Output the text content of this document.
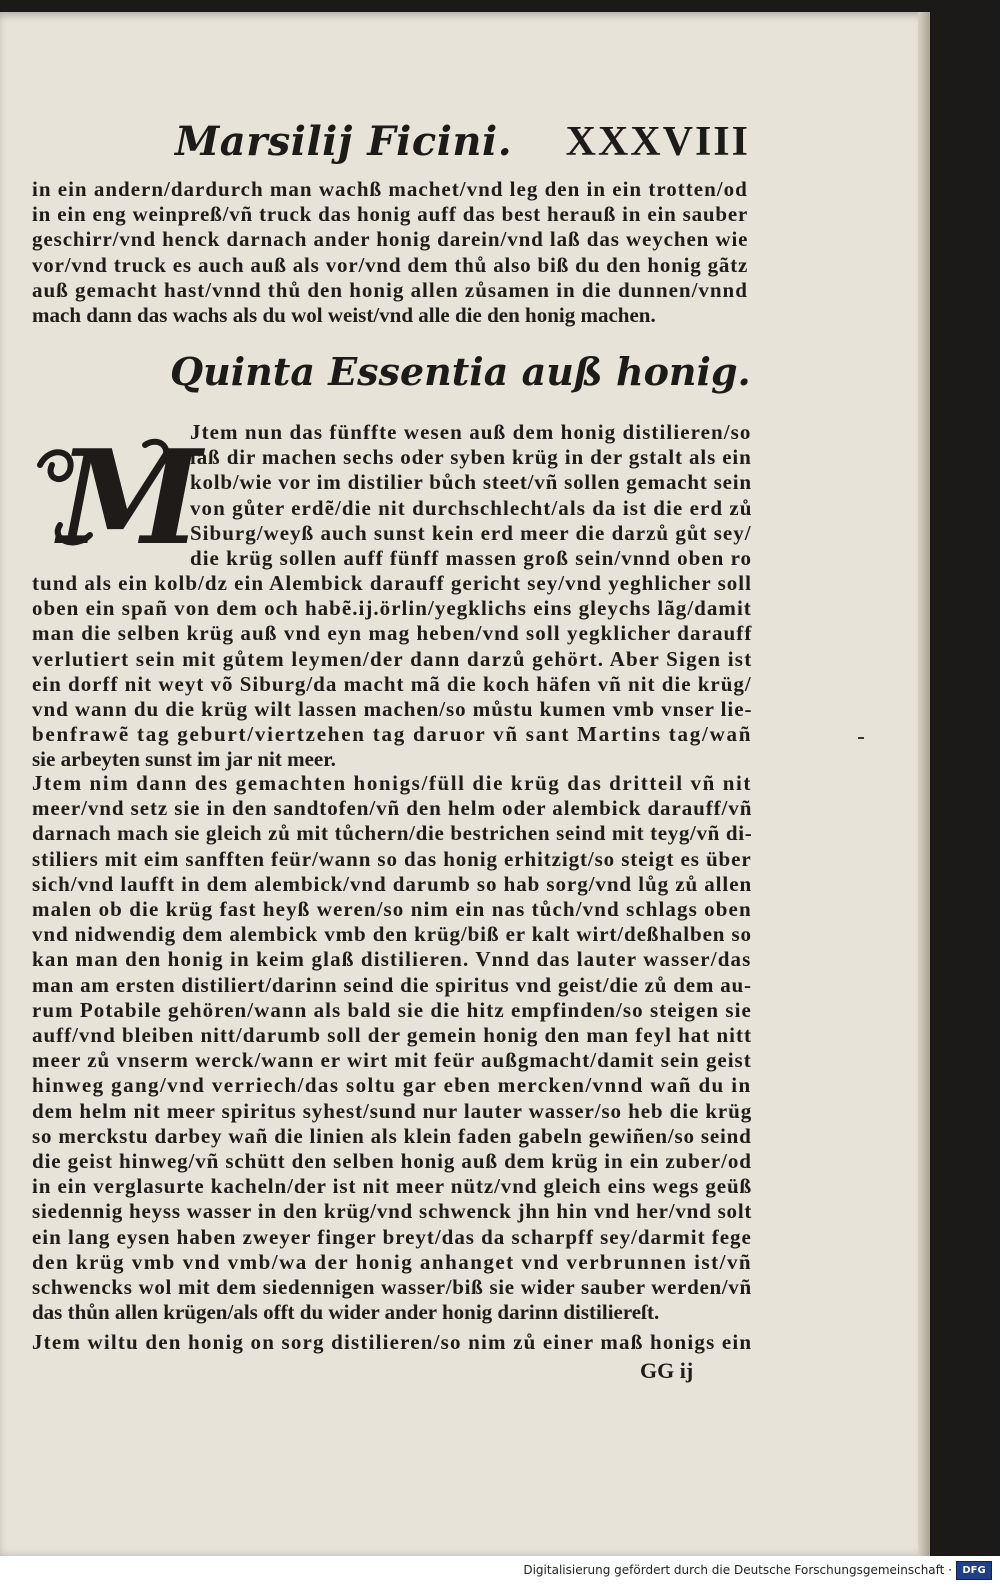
Marsilij Ficini. XXXVIII
in ein andern/dardurch man wachß machet/vnd leg den in ein trotten/od
in ein eng weinpreß/vñ truck das honig auff das best herauß in ein sauber
geschirr/vnd henck darnach ander honig darein/vnd laß das weychen wie
vor/vnd truck es auch auß als vor/vnd dem thů also biß du den honig gãtz
auß gemacht hast/vnnd thů den honig allen zůsamen in die dunnen/vnnd
mach dann das wachs als du wol weist/vnd alle die den honig machen.
Quinta Essentia auß honig.
M
Jtem nun das fünffte wesen auß dem honig distilieren/so
laß dir machen sechs oder syben krüg in der gstalt als ein
kolb/wie vor im distilier bůch steet/vñ sollen gemacht sein
von gůter erdẽ/die nit durchschlecht/als da ist die erd zů
Siburg/weyß auch sunst kein erd meer die darzů gůt sey/
die krüg sollen auff fünff massen groß sein/vnnd oben ro
tund als ein kolb/dz ein Alembick darauff gericht sey/vnd yeghlicher soll
oben ein spañ von dem och habẽ.ij.örlin/yegklichs eins gleychs lãg/damit
man die selben krüg auß vnd eyn mag heben/vnd soll yegklicher darauff
verlutiert sein mit gůtem leymen/der dann darzů gehört. Aber Sigen ist
ein dorff nit weyt võ Siburg/da macht mã die koch häfen vñ nit die krüg/
vnd wann du die krüg wilt lassen machen/so můstu kumen vmb vnser lie-
benfrawẽ tag geburt/viertzehen tag daruor vñ sant Martins tag/wañ
sie arbeyten sunst im jar nit meer.
Jtem nim dann des gemachten honigs/füll die krüg das dritteil vñ nit
meer/vnd setz sie in den sandtofen/vñ den helm oder alembick darauff/vñ
darnach mach sie gleich zů mit tůchern/die bestrichen seind mit teyg/vñ di-
stiliers mit eim sanfften feür/wann so das honig erhitzigt/so steigt es über
sich/vnd laufft in dem alembick/vnd darumb so hab sorg/vnd lůg zů allen
malen ob die krüg fast heyß weren/so nim ein nas tůch/vnd schlags oben
vnd nidwendig dem alembick vmb den krüg/biß er kalt wirt/deßhalben so
kan man den honig in keim glaß distilieren. Vnnd das lauter wasser/das
man am ersten distiliert/darinn seind die spiritus vnd geist/die zů dem au-
rum Potabile gehören/wann als bald sie die hitz empfinden/so steigen sie
auff/vnd bleiben nitt/darumb soll der gemein honig den man feyl hat nitt
meer zů vnserm werck/wann er wirt mit feür außgmacht/damit sein geist
hinweg gang/vnd verriech/das soltu gar eben mercken/vnnd wañ du in
dem helm nit meer spiritus syhest/sund nur lauter wasser/so heb die krüg
so merckstu darbey wañ die linien als klein faden gabeln gewiñen/so seind
die geist hinweg/vñ schütt den selben honig auß dem krüg in ein zuber/od
in ein verglasurte kacheln/der ist nit meer nütz/vnd gleich eins wegs geüß
siedennig heyss wasser in den krüg/vnd schwenck jhn hin vnd her/vnd solt
ein lang eysen haben zweyer finger breyt/das da scharpff sey/darmit fege
den krüg vmb vnd vmb/wa der honig anhanget vnd verbrunnen ist/vñ
schwencks wol mit dem siedennigen wasser/biß sie wider sauber werden/vñ
das thůn allen krügen/als offt du wider ander honig darinn distiliereſt.
Jtem wiltu den honig on sorg distilieren/so nim zů einer maß honigs ein
GG ij
Digitalisierung gefördert durch die Deutsche Forschungsgemeinschaft ·	DFG
